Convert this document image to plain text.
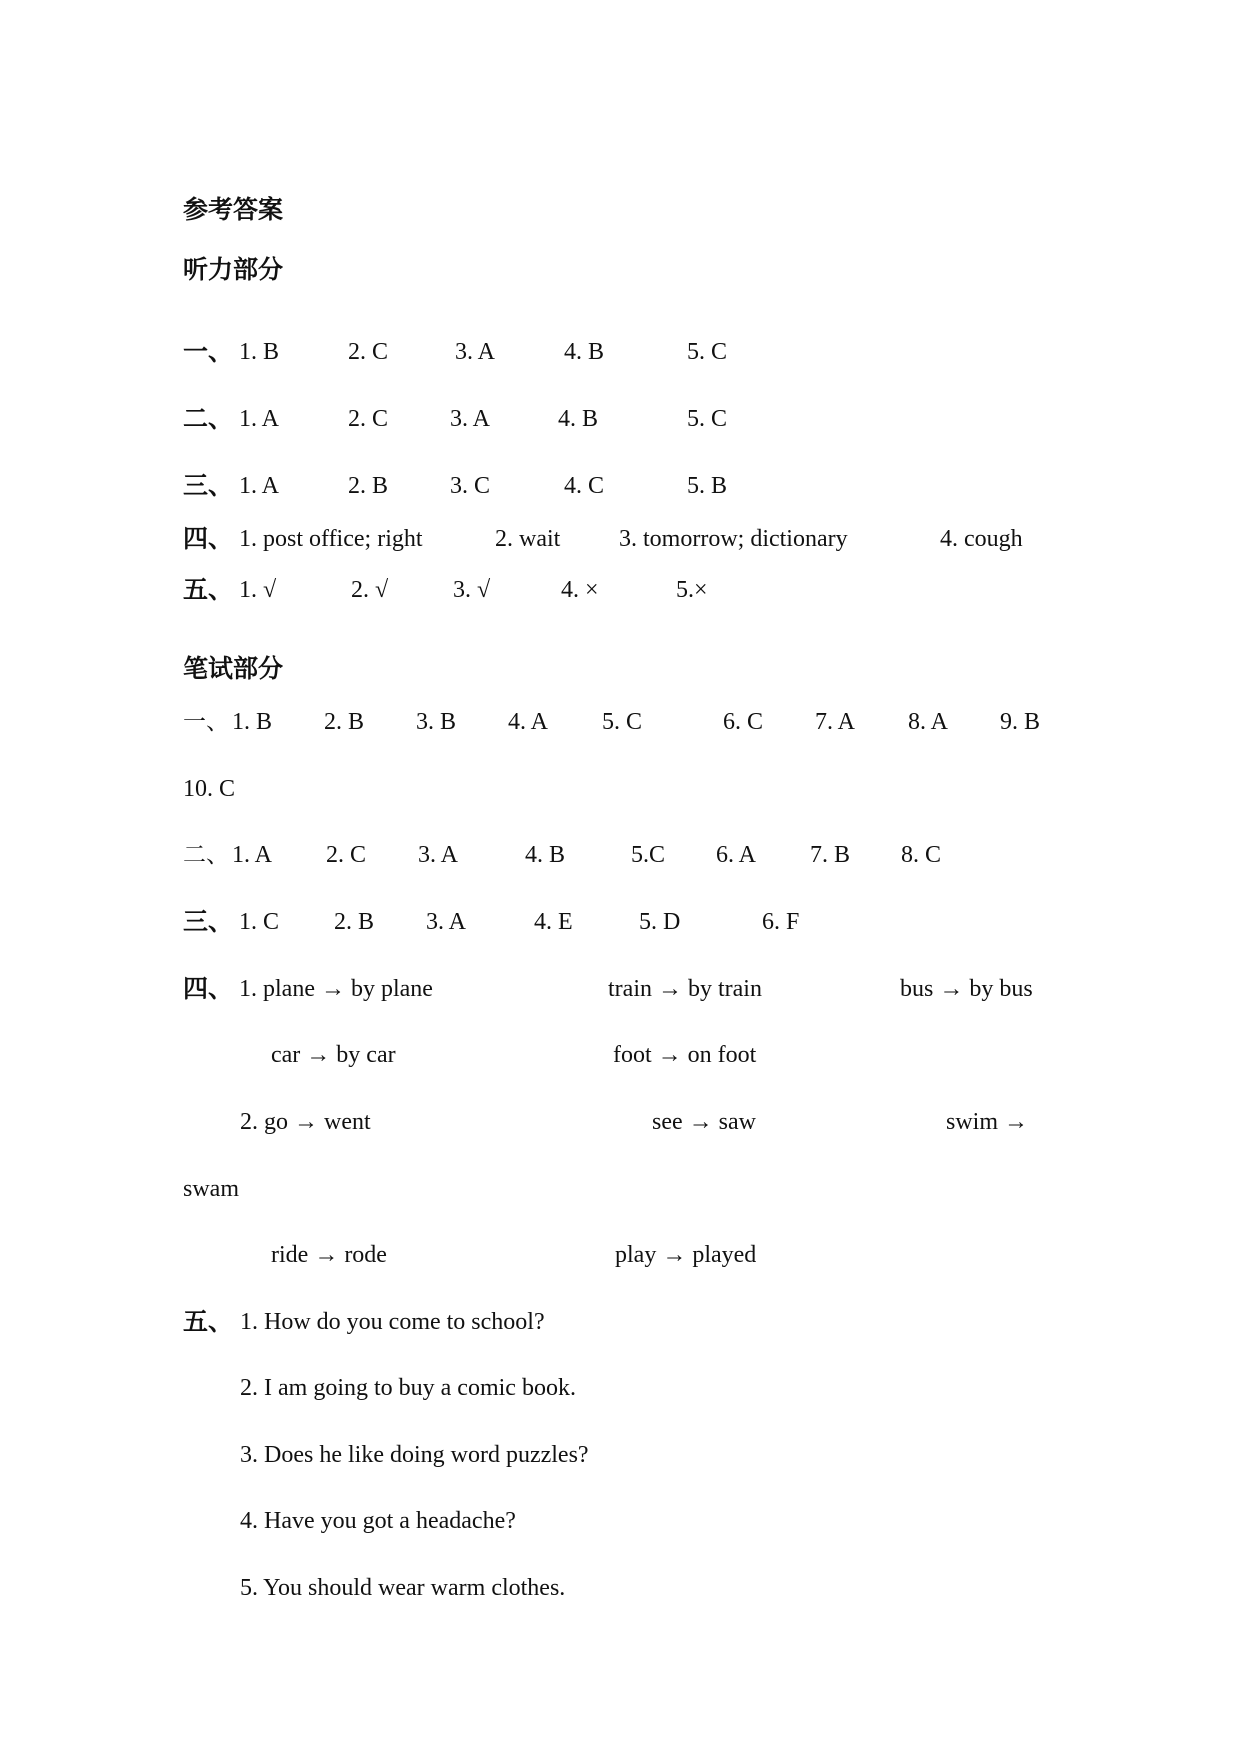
参考答案
听力部分
一、 1. B	2. C	3. A	4. B	5. C
二、 1. A	2. C	3. A	4. B	5. C
三、 1. A	2. B	3. C	4. C	5. B
四、 1. post office; right	2. wait 3. tomorrow; dictionary	4. cough
五、 1. √	2. √	3. √	4. ×	5.×
笔试部分
一、 1. B 2. B 3. B 4. A 5. C	6. C 7. A 8. A 9. B
10. C
二、 1. A 2. C 3. A	4. B	5.C 6. A 7. B 8. C
三、 1. C 2. B 3. A	4. E	5. D	6. F
四、 1. plane → by plane	train → by train	bus → by bus
car → by car	foot → on foot
2. go → went	see → saw	swim →
swam
ride → rode	play → played
五、 1. How do you come to school?
2. I am going to buy a comic book.
3. Does he like doing word puzzles?
4. Have you got a headache?
5. You should wear warm clothes.
